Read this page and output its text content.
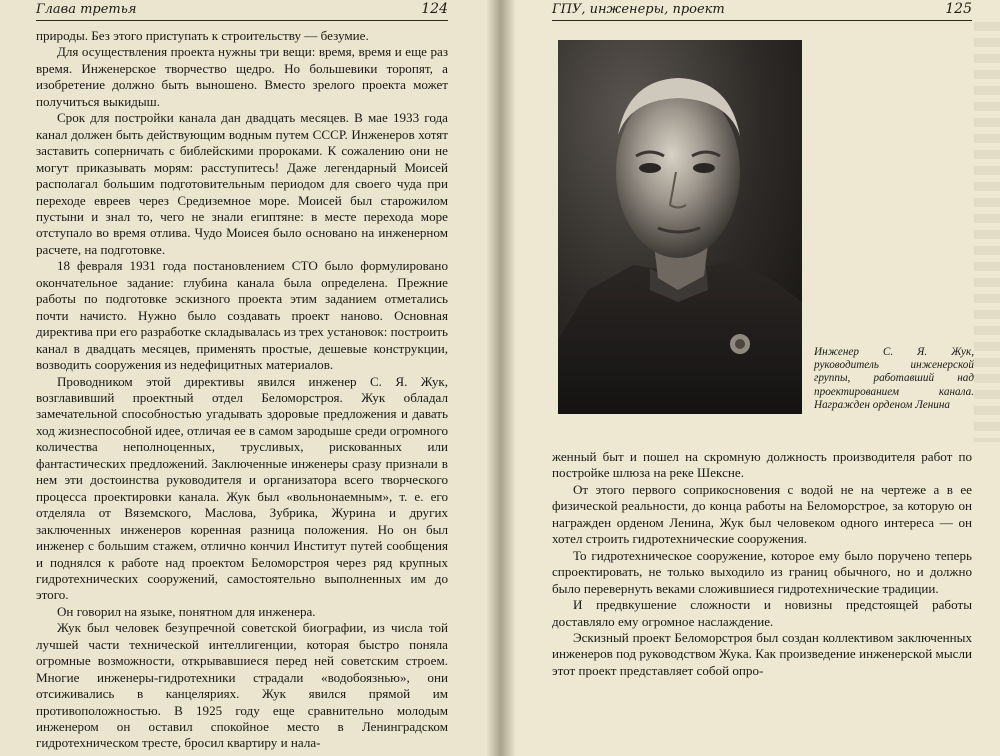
Глава третья	124

природы. Без этого приступать к строительству — безумие.

Для осуществления проекта нужны три вещи: время, время и еще раз время. Инженерское творчество щедро. Но большевики торопят, а изобретение должно быть выношено. Вместо зрелого проекта может получиться выкидыш.

Срок для постройки канала дан двадцать месяцев. В мае 1933 года канал должен быть действующим водным путем СССР. Инженеров хотят заставить соперничать с библейскими пророками. К сожалению они не могут приказывать морям: расступитесь! Даже легендарный Моисей располагал большим подготовительным периодом для своего чуда при переходе евреев через Средиземное море. Моисей был старожилом пустыни и знал то, чего не знали египтяне: в месте перехода море отступало во время отлива. Чудо Моисея было основано на инженерном расчете, на подготовке.

18 февраля 1931 года постановлением СТО было формулировано окончательное задание: глубина канала была определена. Прежние работы по подготовке эскизного проекта этим заданием отметались почти начисто. Нужно было создавать проект наново. Основная директива при его разработке складывалась из трех установок: построить канал в двадцать месяцев, применять простые, дешевые конструкции, возводить сооружения из недефицитных материалов.

Проводником этой директивы явился инженер С. Я. Жук, возглавивший проектный отдел Беломорстроя. Жук обладал замечательной способностью угадывать здоровые предложения и давать ход жизнеспособной идее, отличая ее в самом зародыше среди огромного количества неполноценных, трусливых, рискованных или фантастических предложений. Заключенные инженеры сразу признали в нем эти достоинства руководителя и организатора всего творческого процесса проектировки канала. Жук был «вольнонаемным», т. е. его отделяла от Вяземского, Маслова, Зубрика, Журина и других заключенных инженеров коренная разница положения. Но он был инженер с большим стажем, отлично кончил Институт путей сообщения и поднялся к работе над проектом Беломорстроя через ряд крупных гидротехнических сооружений, самостоятельно выполненных им до этого.

Он говорил на языке, понятном для инженера.

Жук был человек безупречной советской биографии, из числа той лучшей части технической интеллигенции, которая быстро поняла огромные возможности, открывавшиеся перед ней советским строем. Многие инженеры-гидротехники страдали «водобоязнью», они отсиживались в канцеляриях. Жук явился прямой им противоположностью. В 1925 году еще сравнительно молодым инженером он оставил спокойное место в Ленинградском гидротехническом тресте, бросил квартиру и нала-

ГПУ, инженеры, проект	125
Инженер С. Я. Жук, руководитель инженерской группы, работавший над проектированием канала. Награжден орденом Ленина

женный быт и пошел на скромную должность производителя работ по постройке шлюза на реке Шексне.

От этого первого соприкосновения с водой не на чертеже а в ее физической реальности, до конца работы на Беломорстрое, за которую он награжден орденом Ленина, Жук был человеком одного интереса — он хотел строить гидротехнические сооружения.

То гидротехническое сооружение, которое ему было поручено теперь спроектировать, не только выходило из границ обычного, но и должно было перевернуть веками сложившиеся гидротехнические традиции.

И предвкушение сложности и новизны предстоящей работы доставляло ему огромное наслаждение.

Эскизный проект Беломорстроя был создан коллективом заключенных инженеров под руководством Жука. Как произведение инженерской мысли этот проект представляет собой опро-
